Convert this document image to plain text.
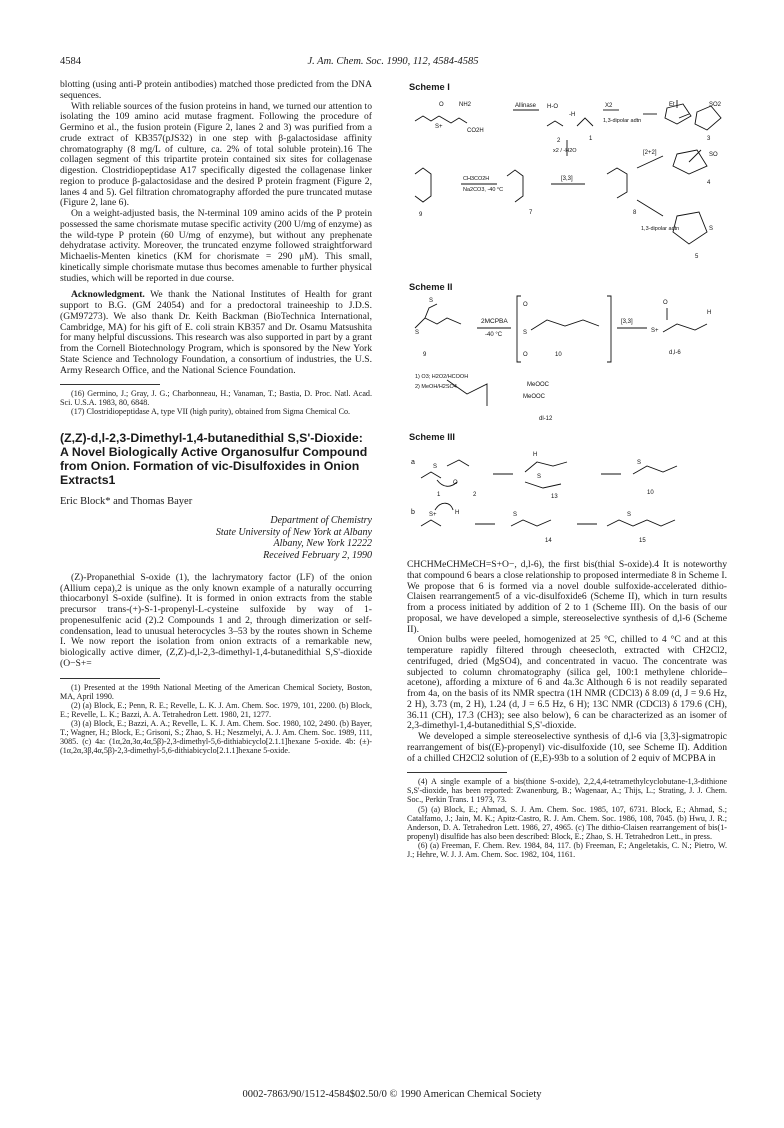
4584	J. Am. Chem. Soc. 1990, 112, 4584-4585

blotting (using anti-P protein antibodies) matched those predicted from the DNA sequences.

With reliable sources of the fusion proteins in hand, we turned our attention to isolating the 109 amino acid mutase fragment. Following the procedure of Germino et al., the fusion protein (Figure 2, lanes 2 and 3) was purified from a crude extract of KB357(pJS32) in one step with β-galactosidase affinity chromatography (8 mg/L of culture, ca. 2% of total soluble protein).16 The collagen segment of this tripartite protein contained six sites for collagenase digestion. Clostridiopeptidase A17 specifically digested the collagenase linker region to produce β-galactosidase and the desired P protein fragment (Figure 2, lanes 4 and 5). Gel filtration chromatography afforded the pure truncated mutase (Figure 2, lane 6).

On a weight-adjusted basis, the N-terminal 109 amino acids of the P protein possessed the same chorismate mutase specific activity (200 U/mg of enzyme) as the wild-type P protein (60 U/mg of enzyme), but without any prephenate dehydratase activity. Moreover, the truncated enzyme followed straightforward Michaelis-Menten kinetics (KM for chorismate = 290 μM). This small, kinetically simple chorismate mutase thus becomes amenable to further physical studies, which will be reported in due course.

Acknowledgment. We thank the National Institutes of Health for grant support to B.G. (GM 24054) and for a predoctoral traineeship to J.D.S. (GM97273). We also thank Dr. Keith Backman (BioTechnica International, Cambridge, MA) for his gift of E. coli strain KB357 and Dr. Osamu Matsushita for many helpful discussions. This research was also supported in part by a grant from the Cornell Biotechnology Program, which is sponsored by the New York State Science and Technology Foundation, a consortium of industries, the U.S. Army Research Office, and the National Science Foundation.

(16) Germino, J.; Gray, J. G.; Charbonneau, H.; Vanaman, T.; Bastia, D. Proc. Natl. Acad. Sci. U.S.A. 1983, 80, 6848.

(17) Clostridiopeptidase A, type VII (high purity), obtained from Sigma Chemical Co.

(Z,Z)-d,l-2,3-Dimethyl-1,4-butanedithial S,S'-Dioxide: A Novel Biologically Active Organosulfur Compound from Onion. Formation of vic-Disulfoxides in Onion Extracts1
Eric Block* and Thomas Bayer
Department of Chemistry
State University of New York at Albany
Albany, New York 12222
Received February 2, 1990

(Z)-Propanethial S-oxide (1), the lachrymatory factor (LF) of the onion (Allium cepa),2 is unique as the only known example of a naturally occurring thiocarbonyl S-oxide (sulfine). It is formed in onion extracts from the stable precursor trans-(+)-S-1-propenyl-L-cysteine sulfoxide by way of 1-propenesulfenic acid (2).2 Compounds 1 and 2, through dimerization or self-condensation, lead to unusual heterocycles 3–53 by the routes shown in Scheme I. We now report the isolation from onion extracts of a remarkable new, biologically active dimer, (Z,Z)-d,l-2,3-dimethyl-1,4-butanedithial S,S'-dioxide (O−S+=

(1) Presented at the 199th National Meeting of the American Chemical Society, Boston, MA, April 1990.

(2) (a) Block, E.; Penn, R. E.; Revelle, L. K. J. Am. Chem. Soc. 1979, 101, 2200. (b) Block, E.; Revelle, L. K.; Bazzi, A. A. Tetrahedron Lett. 1980, 21, 1277.

(3) (a) Block, E.; Bazzi, A. A.; Revelle, L. K. J. Am. Chem. Soc. 1980, 102, 2490. (b) Bayer, T.; Wagner, H.; Block, E.; Grisoni, S.; Zhao, S. H.; Neszmelyi, A. J. Am. Chem. Soc. 1989, 111, 3085. (c) 4a: (1α,2α,3α,4α,5β)-2,3-dimethyl-5,6-dithiabicyclo[2.1.1]hexane 5-oxide. 4b: (±)-(1α,2α,3β,4α,5β)-2,3-dimethyl-5,6-dithiabicyclo[2.1.1]hexane 5-oxide.

Scheme I
O	NH2
S+
CO2H
Allinase H-O
-H
2	1
X2
1,3-dipolar adtn
Et	SO2
3
x2 / -H2O
CH3CO2H
Na2CO3, -40 °C
9	7
[3,3]
8
[2+2]
4
1,3-dipolar adtn
SO
S
5
Scheme II
S
S
9
2MCPBA
-40 °C	S
O
O	10
[3,3]
S+
O
H
d,l-6
1) O3; H2O2/HCOOH
2) MeOH/H2SO4	MeOOC
MeOOC
dl-12
Scheme III
a
S
O
1	2
H
S
13
S
10
b S+	H	S
14
S
15

CHCHMeCHMeCH=S+O−, d,l-6), the first bis(thial S-oxide).4 It is noteworthy that compound 6 bears a close relationship to proposed intermediate 8 in Scheme I. We propose that 6 is formed via a novel double sulfoxide-accelerated dithio-Claisen rearrangement5 of a vic-disulfoxide6 (Scheme II), which in turn results from a process initiated by addition of 2 to 1 (Scheme III). On the basis of our proposal, we have developed a simple, stereoselective synthesis of d,l-6 (Scheme II).

Onion bulbs were peeled, homogenized at 25 °C, chilled to 4 °C and at this temperature rapidly filtered through cheesecloth, extracted with CH2Cl2, centrifuged, dried (MgSO4), and concentrated in vacuo. The concentrate was subjected to column chromatography (silica gel, 100:1 methylene chloride–acetone), affording a mixture of 6 and 4a.3c Although 6 is not readily separated from 4a, on the basis of its NMR spectra (1H NMR (CDCl3) δ 8.09 (d, J = 9.6 Hz, 2 H), 3.73 (m, 2 H), 1.24 (d, J = 6.5 Hz, 6 H); 13C NMR (CDCl3) δ 179.6 (CH), 36.11 (CH), 17.3 (CH3); see also below), 6 can be characterized as an isomer of 2,3-dimethyl-1,4-butanedithial S,S'-dioxide.

We developed a simple stereoselective synthesis of d,l-6 via [3,3]-sigmatropic rearrangement of bis((E)-propenyl) vic-disulfoxide (10, see Scheme II). Addition of a chilled CH2Cl2 solution of (E,E)-93b to a solution of 2 equiv of MCPBA in

(4) A single example of a bis(thione S-oxide), 2,2,4,4-tetramethylcyclobutane-1,3-dithione S,S'-dioxide, has been reported: Zwanenburg, B.; Wagenaar, A.; Thijs, L.; Strating, J. J. Chem. Soc., Perkin Trans. 1 1973, 73.

(5) (a) Block, E.; Ahmad, S. J. Am. Chem. Soc. 1985, 107, 6731. Block, E.; Ahmad, S.; Catalfamo, J.; Jain, M. K.; Apitz-Castro, R. J. Am. Chem. Soc. 1986, 108, 7045. (b) Hwu, J. R.; Anderson, D. A. Tetrahedron Lett. 1986, 27, 4965. (c) The dithio-Claisen rearrangement of bis(1-propenyl) disulfide has also been described: Block, E.; Zhao, S. H. Tetrahedron Lett., in press.

(6) (a) Freeman, F. Chem. Rev. 1984, 84, 117. (b) Freeman, F.; Angeletakis, C. N.; Pietro, W. J.; Hehre, W. J. J. Am. Chem. Soc. 1982, 104, 1161.

0002-7863/90/1512-4584$02.50/0 © 1990 American Chemical Society
